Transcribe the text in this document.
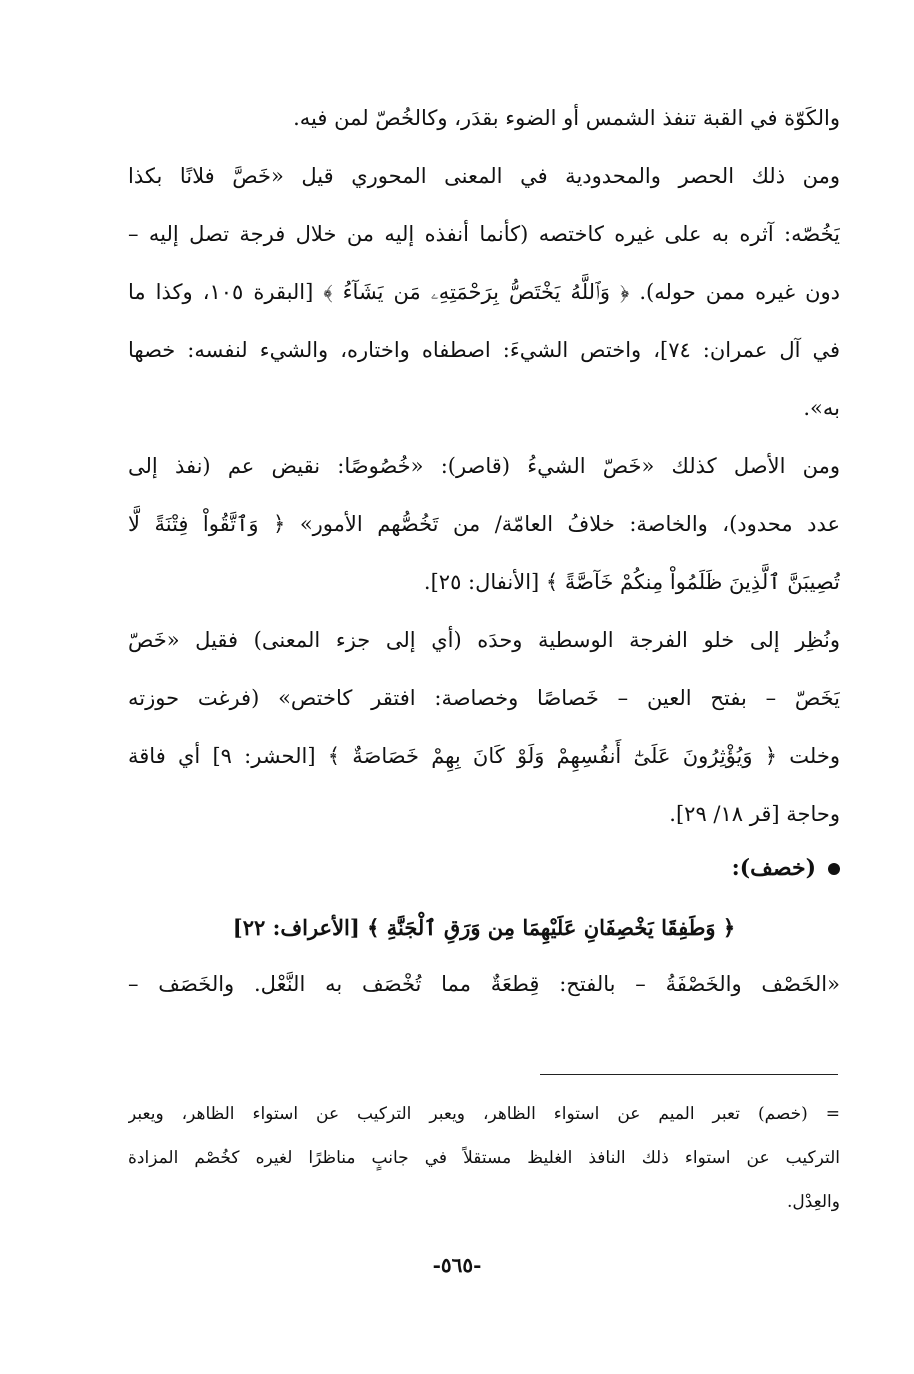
والكَوّة في القبة تنفذ الشمس أو الضوء بقدَر، وكالخُصّ لمن فيه.
ومن ذلك الحصر والمحدودية في المعنى المحوري قيل «خَصَّ فلانًا بكذا
يَخُصّه: آثره به على غيره كاختصه (كأنما أنفذه إليه من خلال فرجة تصل إليه –
دون غيره ممن حوله). ﴿ وَٱللَّهُ يَخْتَصُّ بِرَحْمَتِهِۦ مَن يَشَآءُ ﴾ [البقرة ١٠٥، وكذا ما
في آل عمران: ٧٤]، واختص الشيءَ: اصطفاه واختاره، والشيء لنفسه: خصها
به».
ومن الأصل كذلك «خَصّ الشيءُ (قاصر): «خُصُوصًا: نقيض عم (نفذ إلى
عدد محدود)، والخاصة: خلافُ العامّة/ من تَخُصُّهم الأمور» ﴿ وَٱتَّقُواْ فِتْنَةً لَّا
تُصِيبَنَّ ٱلَّذِينَ ظَلَمُواْ مِنكُمْ خَآصَّةً ﴾ [الأنفال: ٢٥].
ونُظِر إلى خلو الفرجة الوسطية وحدَه (أي إلى جزء المعنى) فقيل «خَصّ
يَخَصّ – بفتح العين – خَصاصًا وخصاصة: افتقر كاختص» (فرغت حوزته
وخلت ﴿ وَيُؤْثِرُونَ عَلَىٰٓ أَنفُسِهِمْ وَلَوْ كَانَ بِهِمْ خَصَاصَةٌ ﴾ [الحشر: ٩] أي فاقة
وحاجة [قر ١٨/ ٢٩].
(خصف):
﴿ وَطَفِقَا يَخْصِفَانِ عَلَيْهِمَا مِن وَرَقِ ٱلْجَنَّةِ ﴾ [الأعراف: ٢٢]
«الخَصْف والخَصْفَةُ – بالفتح: قِطعَةٌ مما تُخْصَف به النَّعْل. والخَصَف –
= (خصم) تعبر الميم عن استواء الظاهر، ويعبر التركيب عن استواء الظاهر، ويعبر
التركيب عن استواء ذلك النافذ الغليظ مستقلاً في جانبٍ مناظرًا لغيره كخُصْم المزادة
والعِدْل.
-٥٦٥-
